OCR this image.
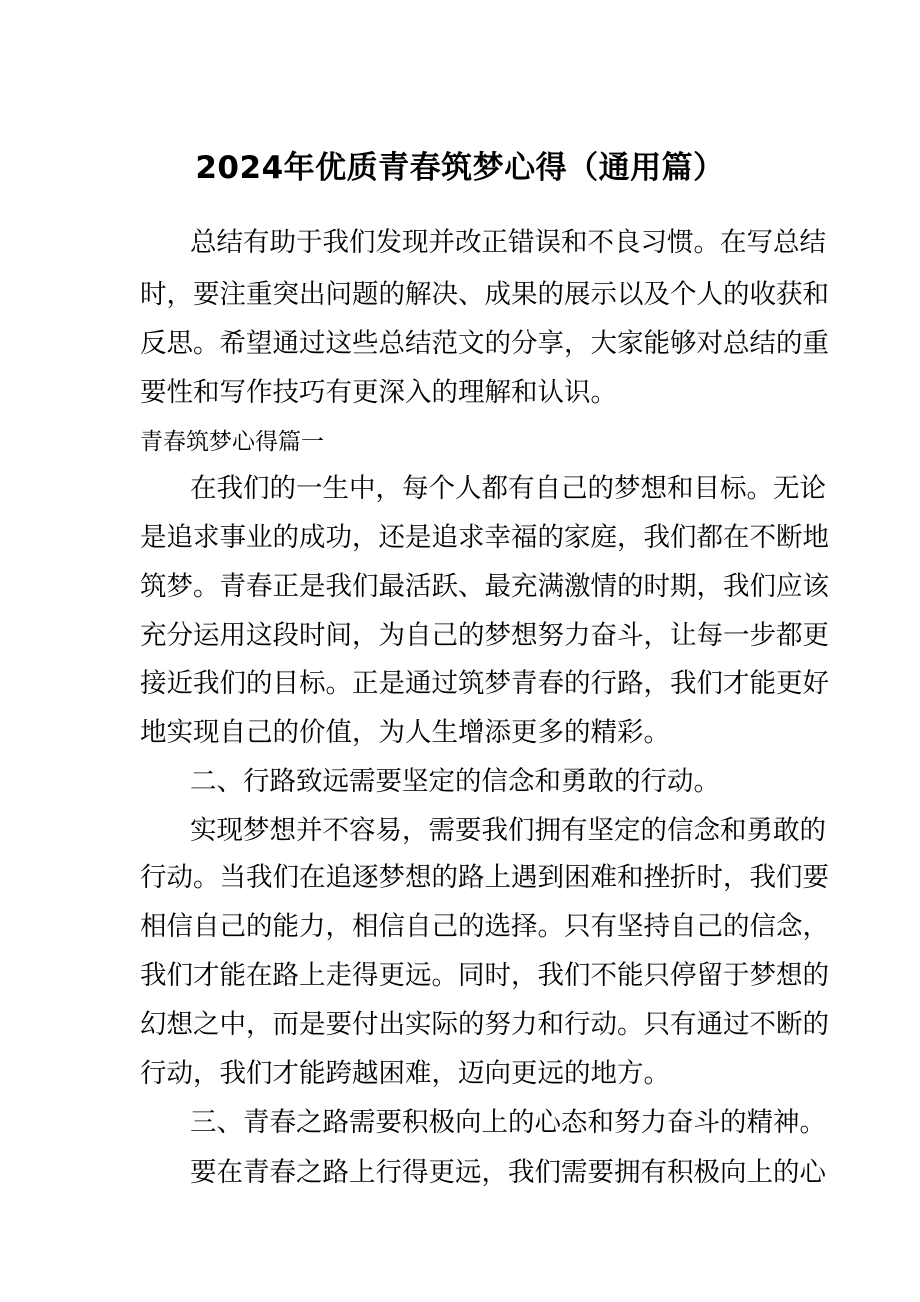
2024年优质青春筑梦心得（通用篇）

总结有助于我们发现并改正错误和不良习惯。在写总结

时，要注重突出问题的解决、成果的展示以及个人的收获和

反思。希望通过这些总结范文的分享，大家能够对总结的重

要性和写作技巧有更深入的理解和认识。

青春筑梦心得篇一

在我们的一生中，每个人都有自己的梦想和目标。无论

是追求事业的成功，还是追求幸福的家庭，我们都在不断地

筑梦。青春正是我们最活跃、最充满激情的时期，我们应该

充分运用这段时间，为自己的梦想努力奋斗，让每一步都更

接近我们的目标。正是通过筑梦青春的行路，我们才能更好

地实现自己的价值，为人生增添更多的精彩。

二、行路致远需要坚定的信念和勇敢的行动。

实现梦想并不容易，需要我们拥有坚定的信念和勇敢的

行动。当我们在追逐梦想的路上遇到困难和挫折时，我们要

相信自己的能力，相信自己的选择。只有坚持自己的信念，

我们才能在路上走得更远。同时，我们不能只停留于梦想的

幻想之中，而是要付出实际的努力和行动。只有通过不断的

行动，我们才能跨越困难，迈向更远的地方。

三、青春之路需要积极向上的心态和努力奋斗的精神。

要在青春之路上行得更远，我们需要拥有积极向上的心
